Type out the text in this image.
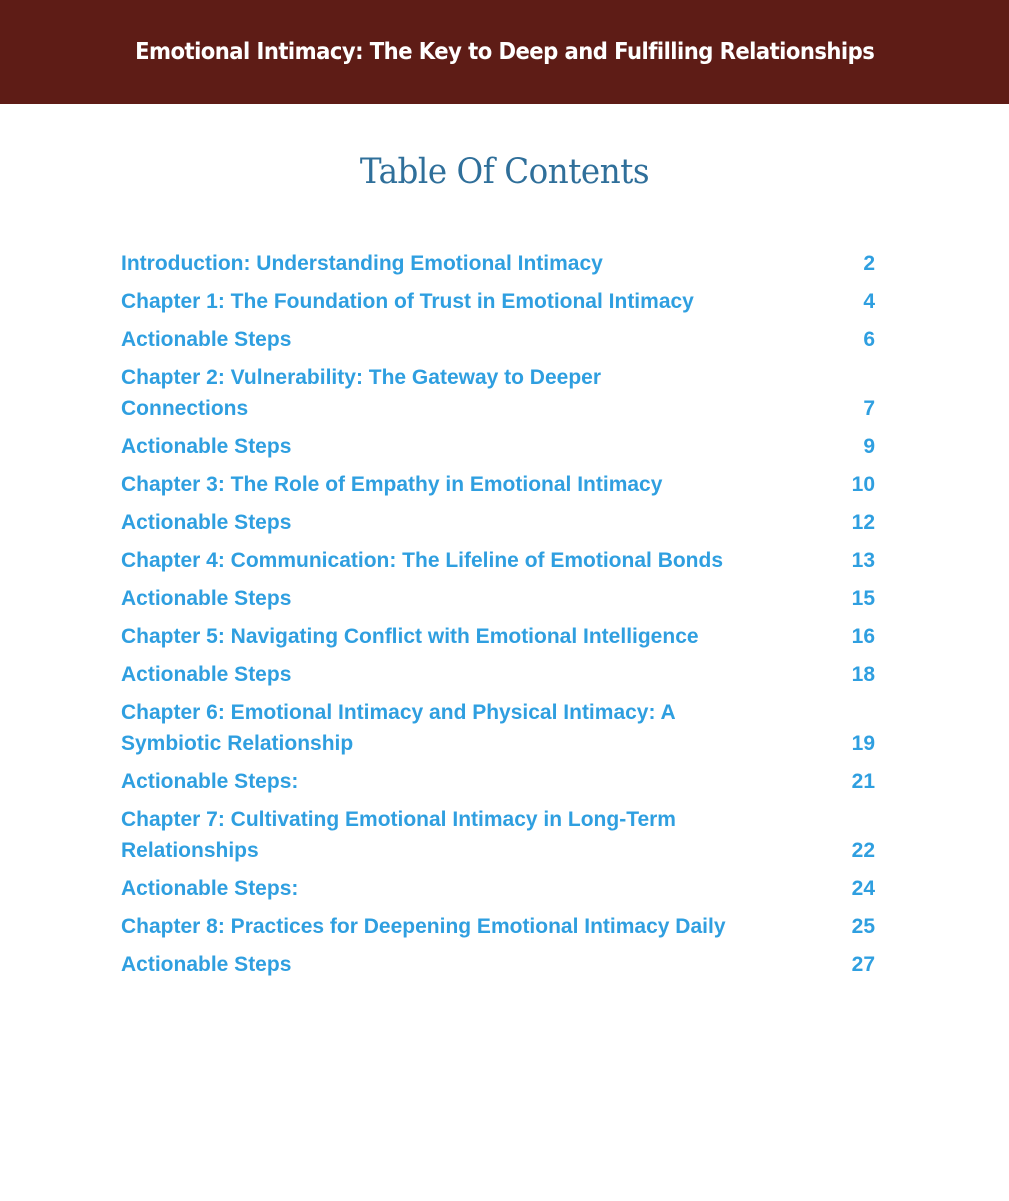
Emotional Intimacy: The Key to Deep and Fulfilling Relationships
Table Of Contents
Introduction: Understanding Emotional Intimacy	2
Chapter 1: The Foundation of Trust in Emotional Intimacy	4
Actionable Steps	6
Chapter 2: Vulnerability: The Gateway to Deeper Connections	7
Actionable Steps	9
Chapter 3: The Role of Empathy in Emotional Intimacy	10
Actionable Steps	12
Chapter 4: Communication: The Lifeline of Emotional Bonds	13
Actionable Steps	15
Chapter 5: Navigating Conflict with Emotional Intelligence	16
Actionable Steps	18
Chapter 6: Emotional Intimacy and Physical Intimacy: A Symbiotic Relationship	19
Actionable Steps:	21
Chapter 7: Cultivating Emotional Intimacy in Long-Term Relationships	22
Actionable Steps:	24
Chapter 8: Practices for Deepening Emotional Intimacy Daily	25
Actionable Steps	27
